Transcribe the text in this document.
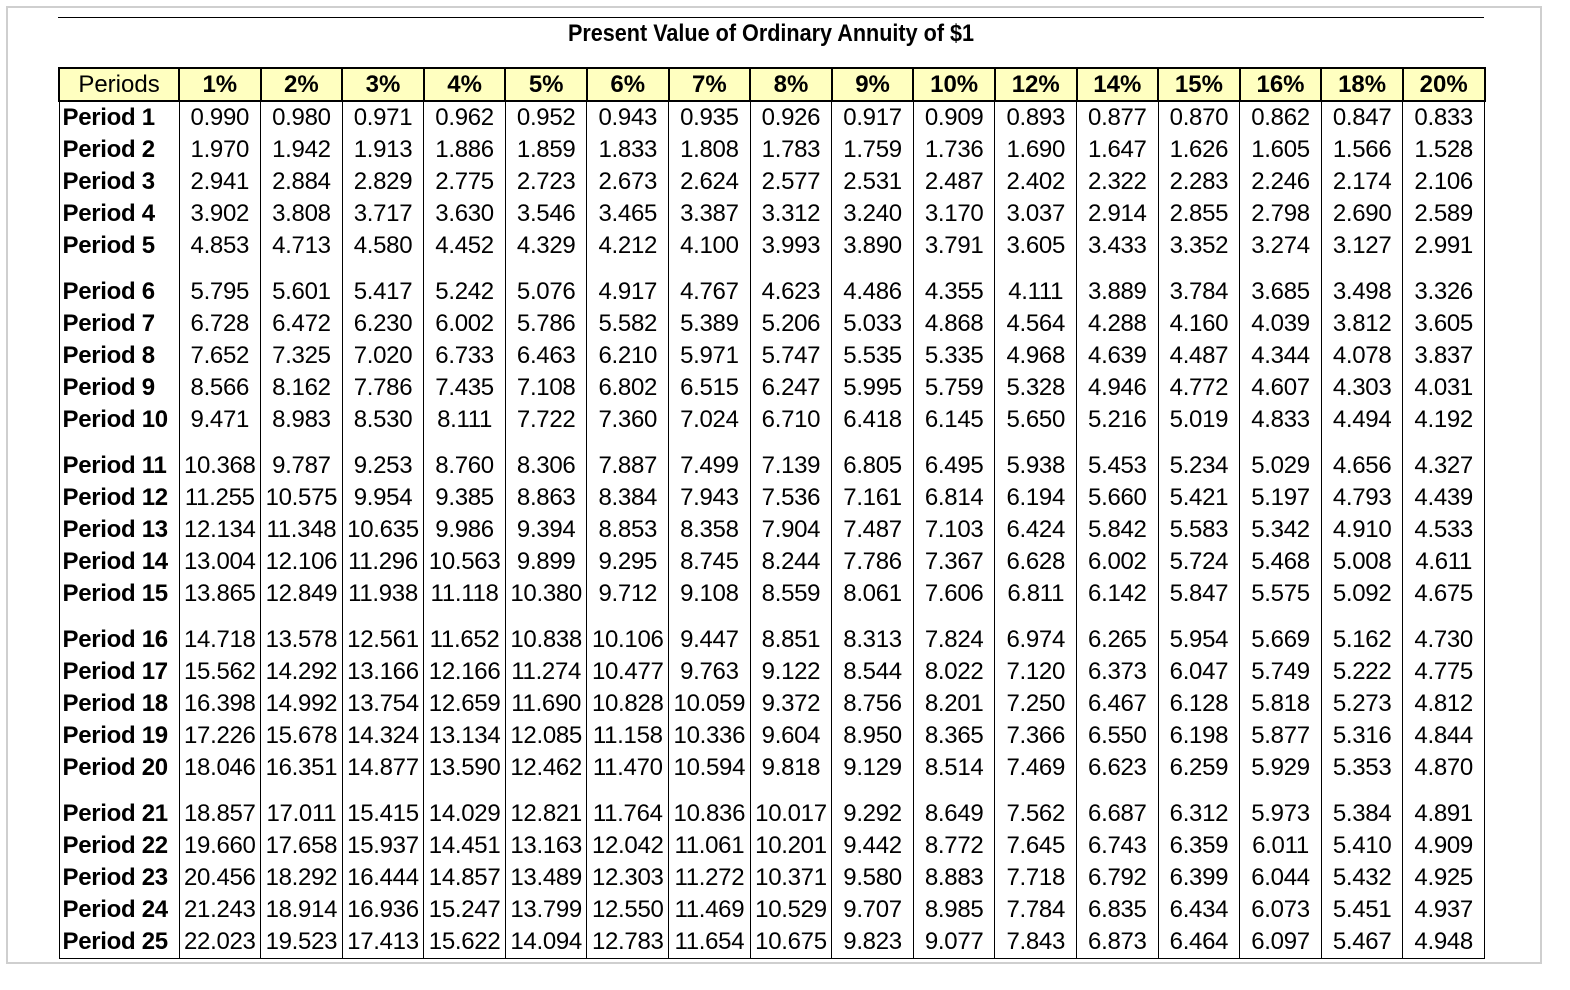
Present Value of Ordinary Annuity of $1
Periods	1%	2%	3%	4%	5%	6%	7%	8%	9%	10%	12%	14%	15%	16%	18%	20%
Period 1	0.990	0.980	0.971	0.962	0.952	0.943	0.935	0.926	0.917	0.909	0.893	0.877	0.870	0.862	0.847	0.833
Period 2	1.970	1.942	1.913	1.886	1.859	1.833	1.808	1.783	1.759	1.736	1.690	1.647	1.626	1.605	1.566	1.528
Period 3	2.941	2.884	2.829	2.775	2.723	2.673	2.624	2.577	2.531	2.487	2.402	2.322	2.283	2.246	2.174	2.106
Period 4	3.902	3.808	3.717	3.630	3.546	3.465	3.387	3.312	3.240	3.170	3.037	2.914	2.855	2.798	2.690	2.589
Period 5	4.853	4.713	4.580	4.452	4.329	4.212	4.100	3.993	3.890	3.791	3.605	3.433	3.352	3.274	3.127	2.991
Period 6	5.795	5.601	5.417	5.242	5.076	4.917	4.767	4.623	4.486	4.355	4.111	3.889	3.784	3.685	3.498	3.326
Period 7	6.728	6.472	6.230	6.002	5.786	5.582	5.389	5.206	5.033	4.868	4.564	4.288	4.160	4.039	3.812	3.605
Period 8	7.652	7.325	7.020	6.733	6.463	6.210	5.971	5.747	5.535	5.335	4.968	4.639	4.487	4.344	4.078	3.837
Period 9	8.566	8.162	7.786	7.435	7.108	6.802	6.515	6.247	5.995	5.759	5.328	4.946	4.772	4.607	4.303	4.031
Period 10	9.471	8.983	8.530	8.111	7.722	7.360	7.024	6.710	6.418	6.145	5.650	5.216	5.019	4.833	4.494	4.192
Period 11	10.368	9.787	9.253	8.760	8.306	7.887	7.499	7.139	6.805	6.495	5.938	5.453	5.234	5.029	4.656	4.327
Period 12	11.255	10.575	9.954	9.385	8.863	8.384	7.943	7.536	7.161	6.814	6.194	5.660	5.421	5.197	4.793	4.439
Period 13	12.134	11.348	10.635	9.986	9.394	8.853	8.358	7.904	7.487	7.103	6.424	5.842	5.583	5.342	4.910	4.533
Period 14	13.004	12.106	11.296	10.563	9.899	9.295	8.745	8.244	7.786	7.367	6.628	6.002	5.724	5.468	5.008	4.611
Period 15	13.865	12.849	11.938	11.118	10.380	9.712	9.108	8.559	8.061	7.606	6.811	6.142	5.847	5.575	5.092	4.675
Period 16	14.718	13.578	12.561	11.652	10.838	10.106	9.447	8.851	8.313	7.824	6.974	6.265	5.954	5.669	5.162	4.730
Period 17	15.562	14.292	13.166	12.166	11.274	10.477	9.763	9.122	8.544	8.022	7.120	6.373	6.047	5.749	5.222	4.775
Period 18	16.398	14.992	13.754	12.659	11.690	10.828	10.059	9.372	8.756	8.201	7.250	6.467	6.128	5.818	5.273	4.812
Period 19	17.226	15.678	14.324	13.134	12.085	11.158	10.336	9.604	8.950	8.365	7.366	6.550	6.198	5.877	5.316	4.844
Period 20	18.046	16.351	14.877	13.590	12.462	11.470	10.594	9.818	9.129	8.514	7.469	6.623	6.259	5.929	5.353	4.870
Period 21	18.857	17.011	15.415	14.029	12.821	11.764	10.836	10.017	9.292	8.649	7.562	6.687	6.312	5.973	5.384	4.891
Period 22	19.660	17.658	15.937	14.451	13.163	12.042	11.061	10.201	9.442	8.772	7.645	6.743	6.359	6.011	5.410	4.909
Period 23	20.456	18.292	16.444	14.857	13.489	12.303	11.272	10.371	9.580	8.883	7.718	6.792	6.399	6.044	5.432	4.925
Period 24	21.243	18.914	16.936	15.247	13.799	12.550	11.469	10.529	9.707	8.985	7.784	6.835	6.434	6.073	5.451	4.937
Period 25	22.023	19.523	17.413	15.622	14.094	12.783	11.654	10.675	9.823	9.077	7.843	6.873	6.464	6.097	5.467	4.948
